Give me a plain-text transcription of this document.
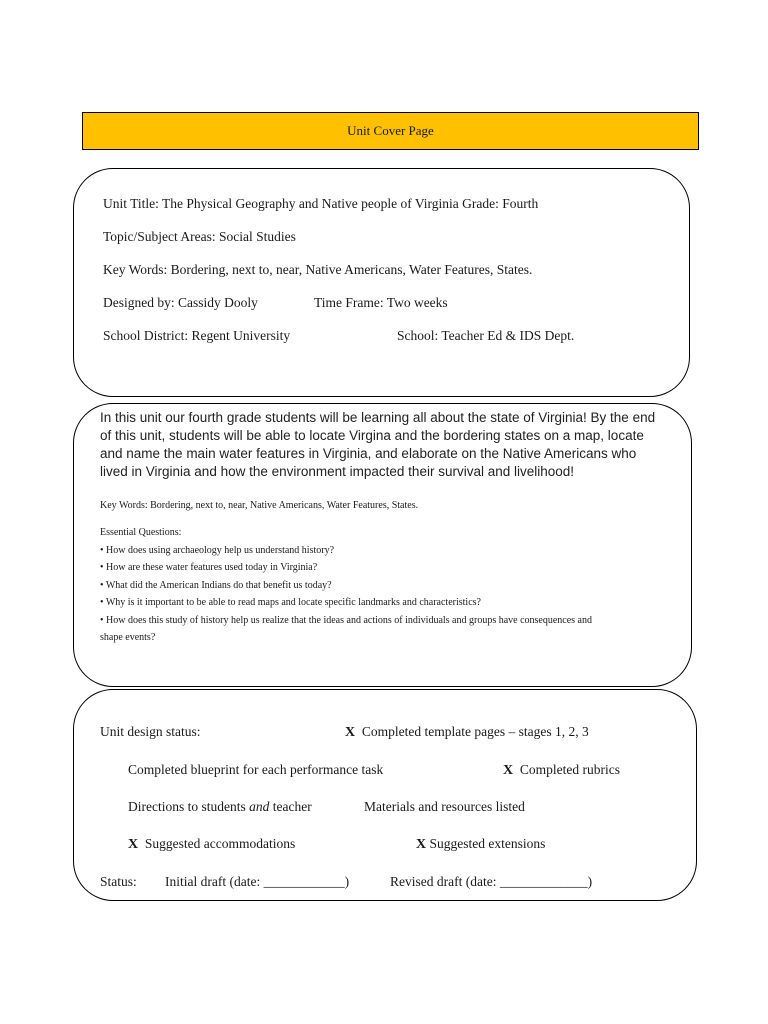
Unit Cover Page
Unit Title: The Physical Geography and Native people of Virginia Grade: Fourth
Topic/Subject Areas: Social Studies
Key Words: Bordering, next to, near, Native Americans, Water Features, States.
Designed by: Cassidy Dooly	Time Frame: Two weeks
School District: Regent University	School: Teacher Ed & IDS Dept.
In this unit our fourth grade students will be learning all about the state of Virginia! By the end of this unit, students will be able to locate Virgina and the bordering states on a map, locate and name the main water features in Virginia, and elaborate on the Native Americans who lived in Virginia and how the environment impacted their survival and livelihood!
Key Words: Bordering, next to, near, Native Americans, Water Features, States.
Essential Questions:
• How does using archaeology help us understand history?
• How are these water features used today in Virginia?
• What did the American Indians do that benefit us today?
• Why is it important to be able to read maps and locate specific landmarks and characteristics?
• How does this study of history help us realize that the ideas and actions of individuals and groups have consequences and
shape events?
Unit design status:	X Completed template pages – stages 1, 2, 3
Completed blueprint for each performance task	X Completed rubrics
Directions to students and teacher	Materials and resources listed
X Suggested accommodations	X Suggested extensions
Status: Initial draft (date: ____________)	Revised draft (date: _____________)
